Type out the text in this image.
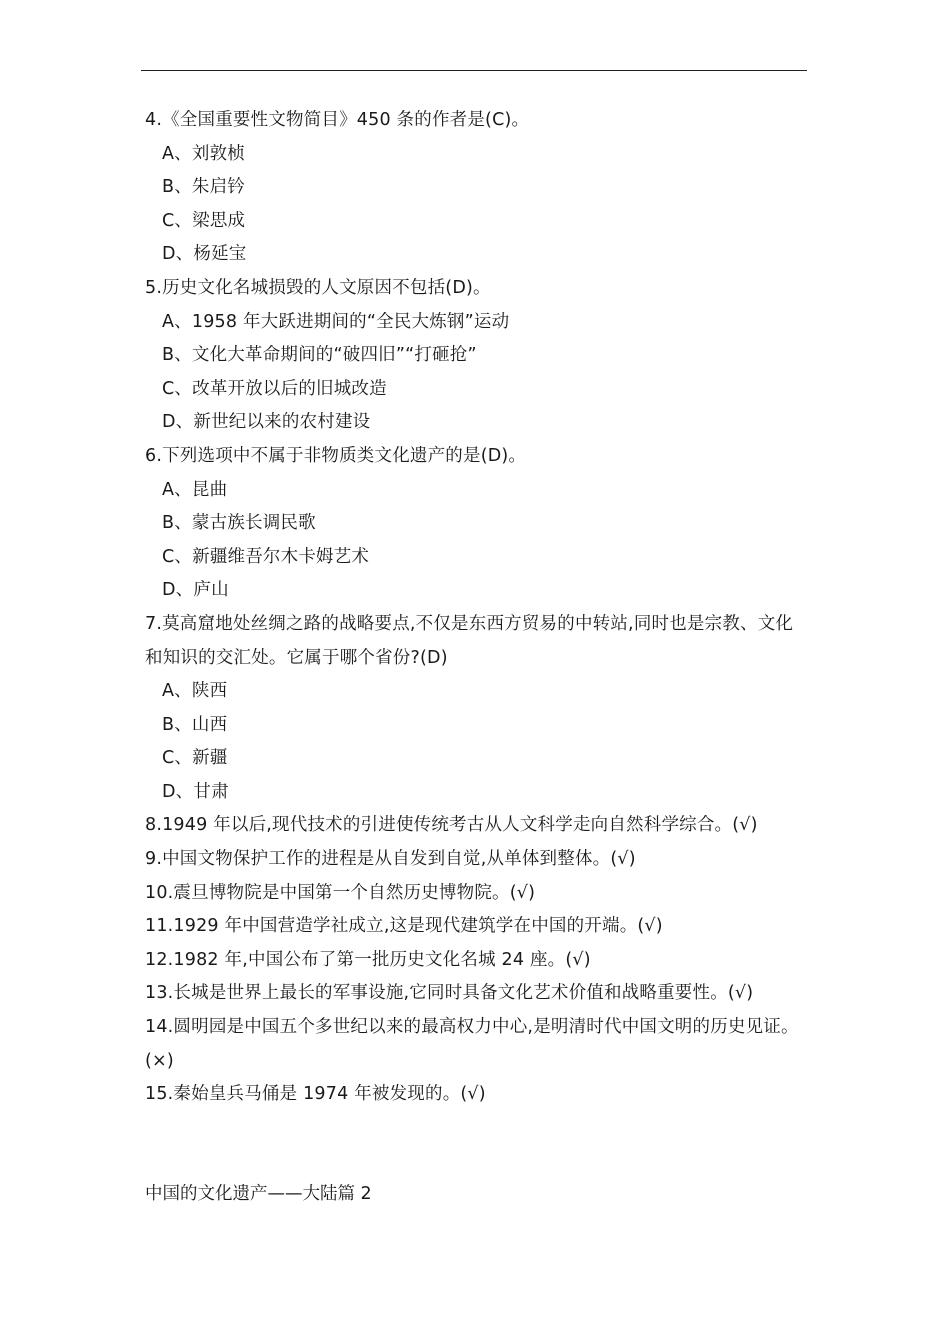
4.《全国重要性文物简目》450 条的作者是(C)。
A、刘敦桢
B、朱启钤
C、梁思成
D、杨延宝
5.历史文化名城损毁的人文原因不包括(D)。
A、1958 年大跃进期间的“全民大炼钢”运动
B、文化大革命期间的“破四旧”“打砸抢”
C、改革开放以后的旧城改造
D、新世纪以来的农村建设
6.下列选项中不属于非物质类文化遗产的是(D)。
A、昆曲
B、蒙古族长调民歌
C、新疆维吾尔木卡姆艺术
D、庐山
7.莫高窟地处丝绸之路的战略要点,不仅是东西方贸易的中转站,同时也是宗教、文化和知识的交汇处。它属于哪个省份?(D)
A、陕西
B、山西
C、新疆
D、甘肃
8.1949 年以后,现代技术的引进使传统考古从人文科学走向自然科学综合。(√)
9.中国文物保护工作的进程是从自发到自觉,从单体到整体。(√)
10.震旦博物院是中国第一个自然历史博物院。(√)
11.1929 年中国营造学社成立,这是现代建筑学在中国的开端。(√)
12.1982 年,中国公布了第一批历史文化名城 24 座。(√)
13.长城是世界上最长的军事设施,它同时具备文化艺术价值和战略重要性。(√)
14.圆明园是中国五个多世纪以来的最高权力中心,是明清时代中国文明的历史见证。(×)
15.秦始皇兵马俑是 1974 年被发现的。(√)
中国的文化遗产——大陆篇 2
